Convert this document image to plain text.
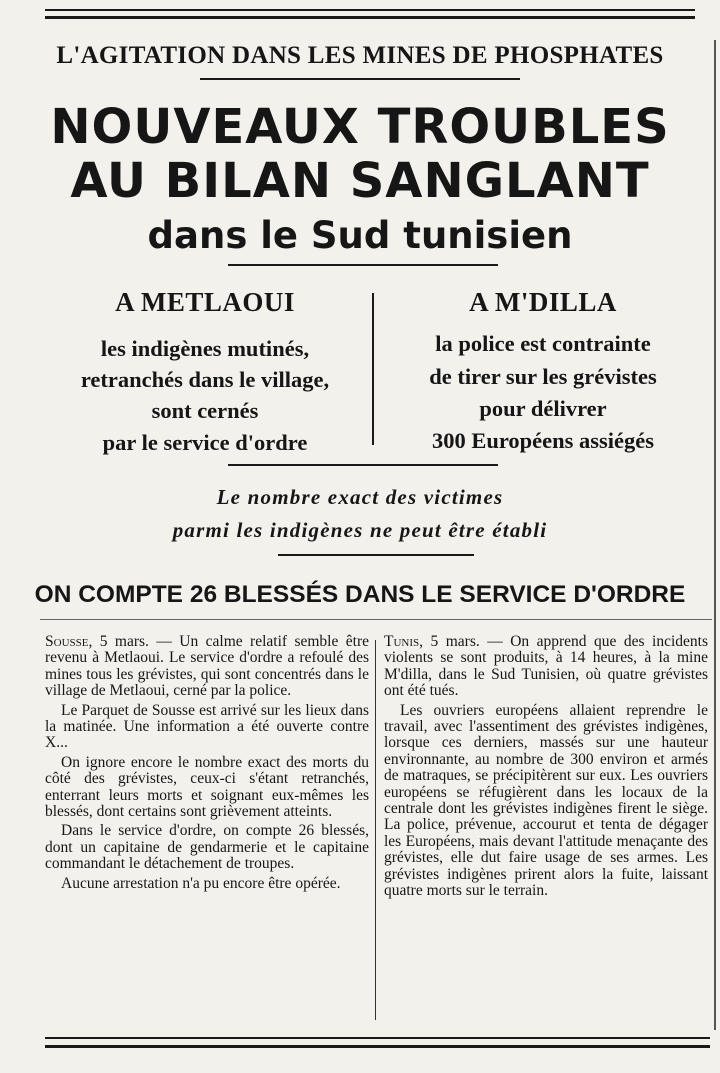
L'AGITATION DANS LES MINES DE PHOSPHATES
NOUVEAUX TROUBLES
AU BILAN SANGLANT
dans le Sud tunisien
A METLAOUI
les indigènes mutinés,
retranchés dans le village,
sont cernés
par le service d'ordre
A M'DILLA
la police est contrainte
de tirer sur les grévistes
pour délivrer
300 Européens assiégés
Le nombre exact des victimes
parmi les indigènes ne peut être établi
ON COMPTE 26 BLESSÉS DANS LE SERVICE D'ORDRE

Sousse, 5 mars. — Un calme relatif semble être revenu à Metlaoui. Le service d'ordre a refoulé des mines tous les grévistes, qui sont concentrés dans le village de Metlaoui, cerné par la police.

Le Parquet de Sousse est arrivé sur les lieux dans la matinée. Une information a été ouverte contre X...

On ignore encore le nombre exact des morts du côté des grévistes, ceux-ci s'étant retranchés, enterrant leurs morts et soignant eux-mêmes les blessés, dont certains sont grièvement atteints.

Dans le service d'ordre, on compte 26 blessés, dont un capitaine de gendarmerie et le capitaine commandant le détachement de troupes.

Aucune arrestation n'a pu encore être opérée.

Tunis, 5 mars. — On apprend que des incidents violents se sont produits, à 14 heures, à la mine M'dilla, dans le Sud Tunisien, où quatre grévistes ont été tués.

Les ouvriers européens allaient reprendre le travail, avec l'assentiment des grévistes indigènes, lorsque ces derniers, massés sur une hauteur environnante, au nombre de 300 environ et armés de matraques, se précipitèrent sur eux. Les ouvriers européens se réfugièrent dans les locaux de la centrale dont les grévistes indigènes firent le siège. La police, prévenue, accourut et tenta de dégager les Européens, mais devant l'attitude menaçante des grévistes, elle dut faire usage de ses armes. Les grévistes indigènes prirent alors la fuite, laissant quatre morts sur le terrain.
